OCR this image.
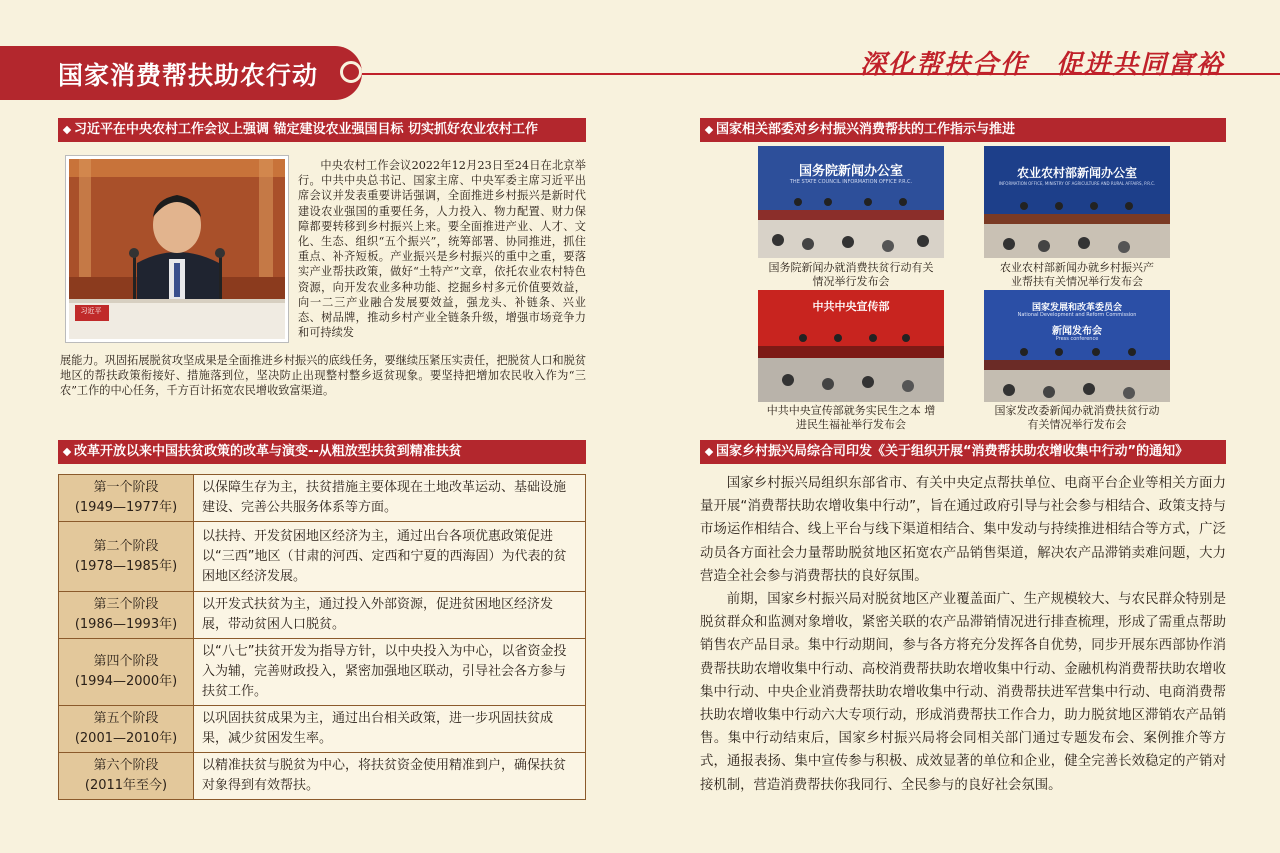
国家消费帮扶助农行动	深化帮扶合作　促进共同富裕
习近平在中央农村工作会议上强调 锚定建设农业强国目标 切实抓好农业农村工作
习近平
中央农村工作会议2022年12月23日至24日在北京举行。中共中央总书记、国家主席、中央军委主席习近平出席会议并发表重要讲话强调，全面推进乡村振兴是新时代建设农业强国的重要任务，人力投入、物力配置、财力保障都要转移到乡村振兴上来。要全面推进产业、人才、文化、生态、组织“五个振兴”，统筹部署、协同推进，抓住重点、补齐短板。产业振兴是乡村振兴的重中之重，要落实产业帮扶政策，做好“土特产”文章，依托农业农村特色资源，向开发农业多种功能、挖掘乡村多元价值要效益，向一二三产业融合发展要效益，强龙头、补链条、兴业态、树品牌，推动乡村产业全链条升级，增强市场竞争力和可持续发
展能力。巩固拓展脱贫攻坚成果是全面推进乡村振兴的底线任务，要继续压紧压实责任，把脱贫人口和脱贫地区的帮扶政策衔接好、措施落到位，坚决防止出现整村整乡返贫现象。要坚持把增加农民收入作为“三农”工作的中心任务，千方百计拓宽农民增收致富渠道。
改革开放以来中国扶贫政策的改革与演变--从粗放型扶贫到精准扶贫
第一个阶段
(1949—1977年)	以保障生存为主，扶贫措施主要体现在土地改革运动、基础设施建设、完善公共服务体系等方面。

第二个阶段
(1978—1985年)	以扶持、开发贫困地区经济为主，通过出台各项优惠政策促进以“三西”地区（甘肃的河西、定西和宁夏的西海固）为代表的贫困地区经济发展。

第三个阶段
(1986—1993年)	以开发式扶贫为主，通过投入外部资源，促进贫困地区经济发展，带动贫困人口脱贫。

第四个阶段
(1994—2000年)	以“八七”扶贫开发为指导方针，以中央投入为中心，以省资金投入为辅，完善财政投入，紧密加强地区联动，引导社会各方参与扶贫工作。

第五个阶段
(2001—2010年)	以巩固扶贫成果为主，通过出台相关政策，进一步巩固扶贫成果，减少贫困发生率。

第六个阶段
(2011年至今)	以精准扶贫与脱贫为中心，将扶贫资金使用精准到户，确保扶贫对象得到有效帮扶。
国家相关部委对乡村振兴消费帮扶的工作指示与推进
国务院新闻办公室
THE STATE COUNCIL INFORMATION OFFICE P.R.C.
国务院新闻办就消费扶贫行动有关
情况举行发布会
农业农村部新闻办公室
INFORMATION OFFICE, MINISTRY OF AGRICULTURE AND RURAL AFFAIRS, P.R.C.
农业农村部新闻办就乡村振兴产
业帮扶有关情况举行发布会
中共中央宣传部
中共中央宣传部就务实民生之本 增
进民生福祉举行发布会
国家发展和改革委员会
National Development and Reform Commission
新闻发布会
Press conference
国家发改委新闻办就消费扶贫行动
有关情况举行发布会
国家乡村振兴局综合司印发《关于组织开展“消费帮扶助农增收集中行动”的通知》

国家乡村振兴局组织东部省市、有关中央定点帮扶单位、电商平台企业等相关方面力量开展“消费帮扶助农增收集中行动”，旨在通过政府引导与社会参与相结合、政策支持与市场运作相结合、线上平台与线下渠道相结合、集中发动与持续推进相结合等方式，广泛动员各方面社会力量帮助脱贫地区拓宽农产品销售渠道，解决农产品滞销卖难问题，大力营造全社会参与消费帮扶的良好氛围。

前期，国家乡村振兴局对脱贫地区产业覆盖面广、生产规模较大、与农民群众特别是脱贫群众和监测对象增收，紧密关联的农产品滞销情况进行排查梳理，形成了需重点帮助销售农产品目录。集中行动期间，参与各方将充分发挥各自优势，同步开展东西部协作消费帮扶助农增收集中行动、高校消费帮扶助农增收集中行动、金融机构消费帮扶助农增收集中行动、中央企业消费帮扶助农增收集中行动、消费帮扶进军营集中行动、电商消费帮扶助农增收集中行动六大专项行动，形成消费帮扶工作合力，助力脱贫地区滞销农产品销售。集中行动结束后，国家乡村振兴局将会同相关部门通过专题发布会、案例推介等方式，通报表扬、集中宣传参与积极、成效显著的单位和企业，健全完善长效稳定的产销对接机制，营造消费帮扶你我同行、全民参与的良好社会氛围。
